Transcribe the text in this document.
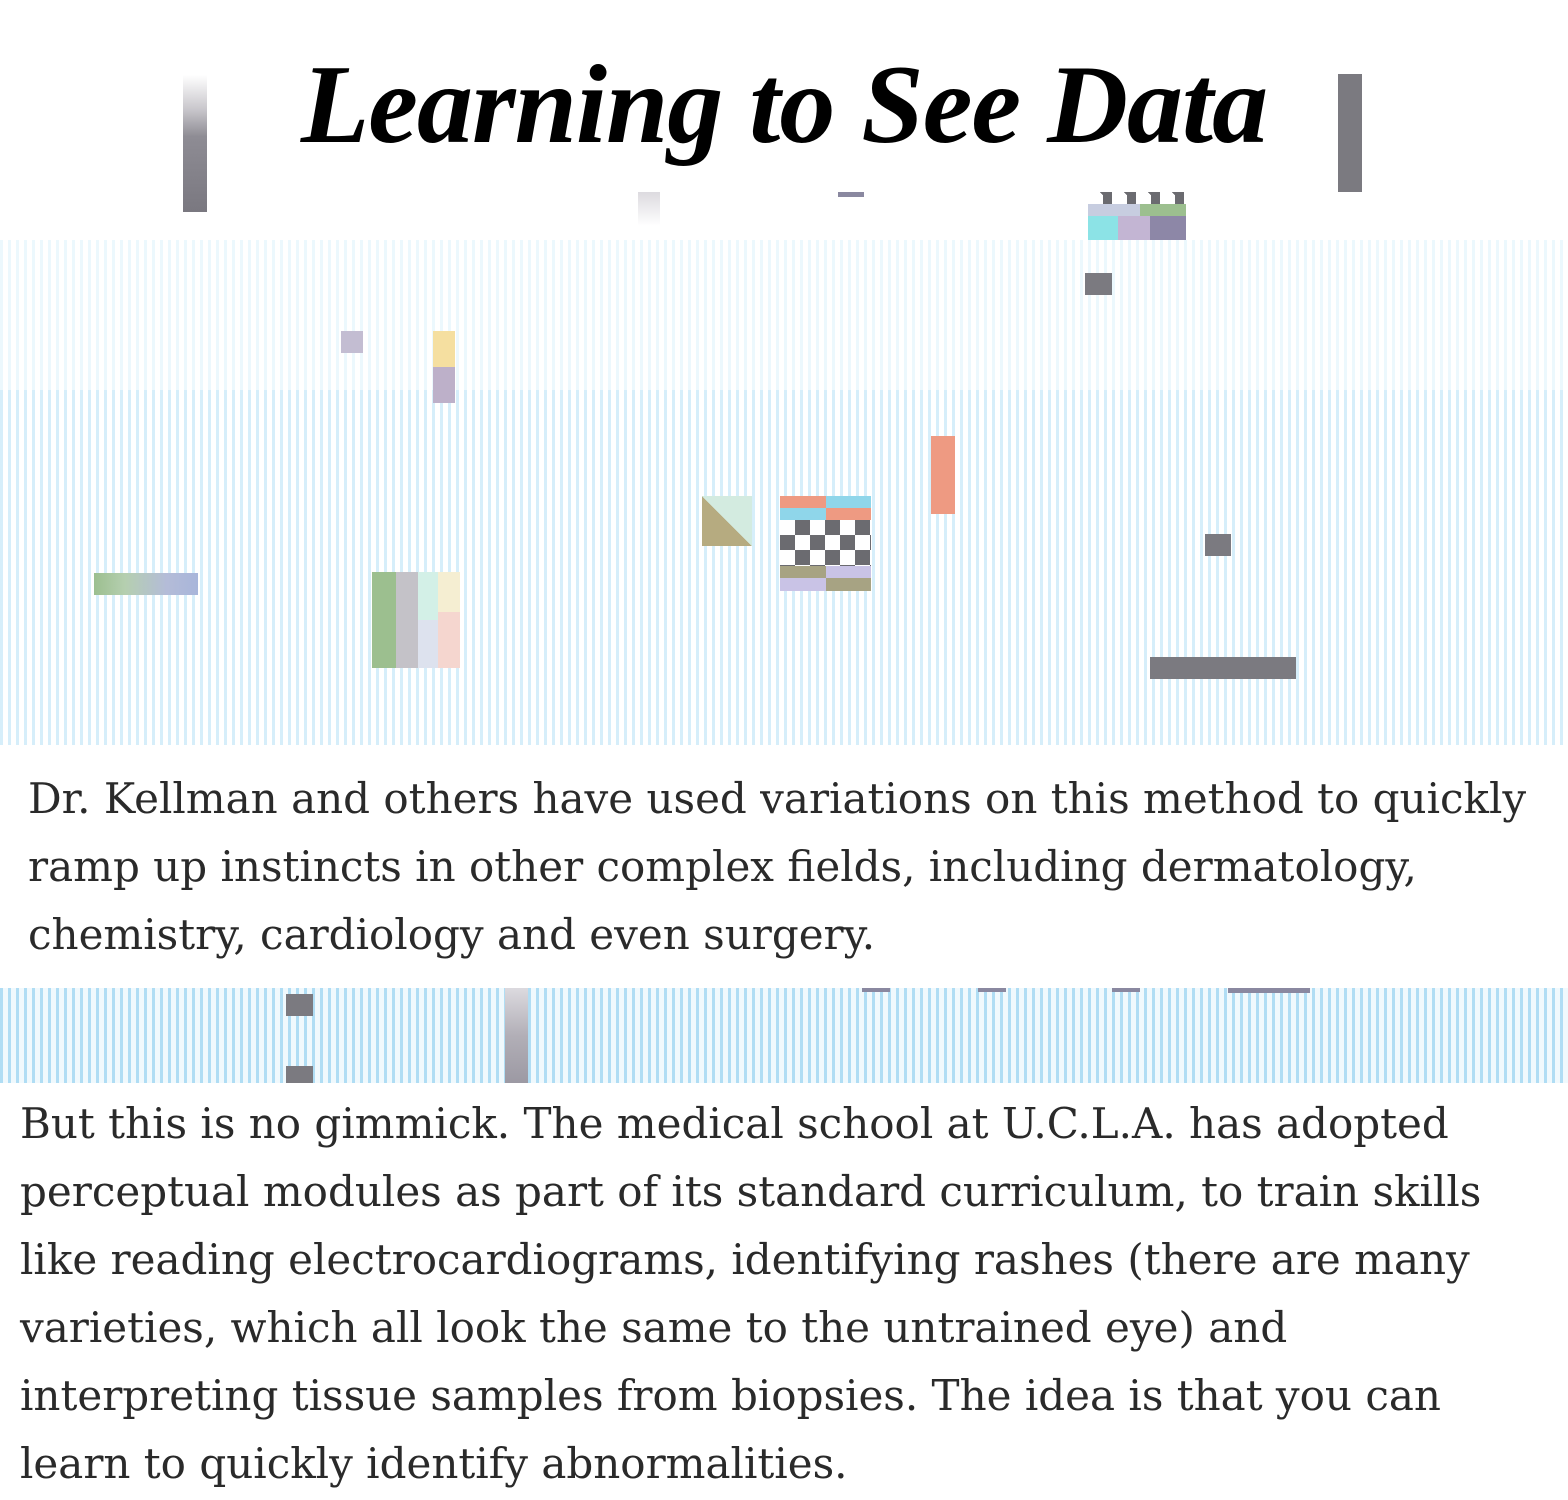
Learning to See Data

Dr. Kellman and others have used variations on this method to quickly ramp up instincts in other complex fields, including dermatology, chemistry, cardiology and even surgery.

But this is no gimmick. The medical school at U.C.L.A. has adopted perceptual modules as part of its standard curriculum, to train skills like reading electrocardiograms, identifying rashes (there are many varieties, which all look the same to the untrained eye) and interpreting tissue samples from biopsies. The idea is that you can learn to quickly identify abnormalities.
